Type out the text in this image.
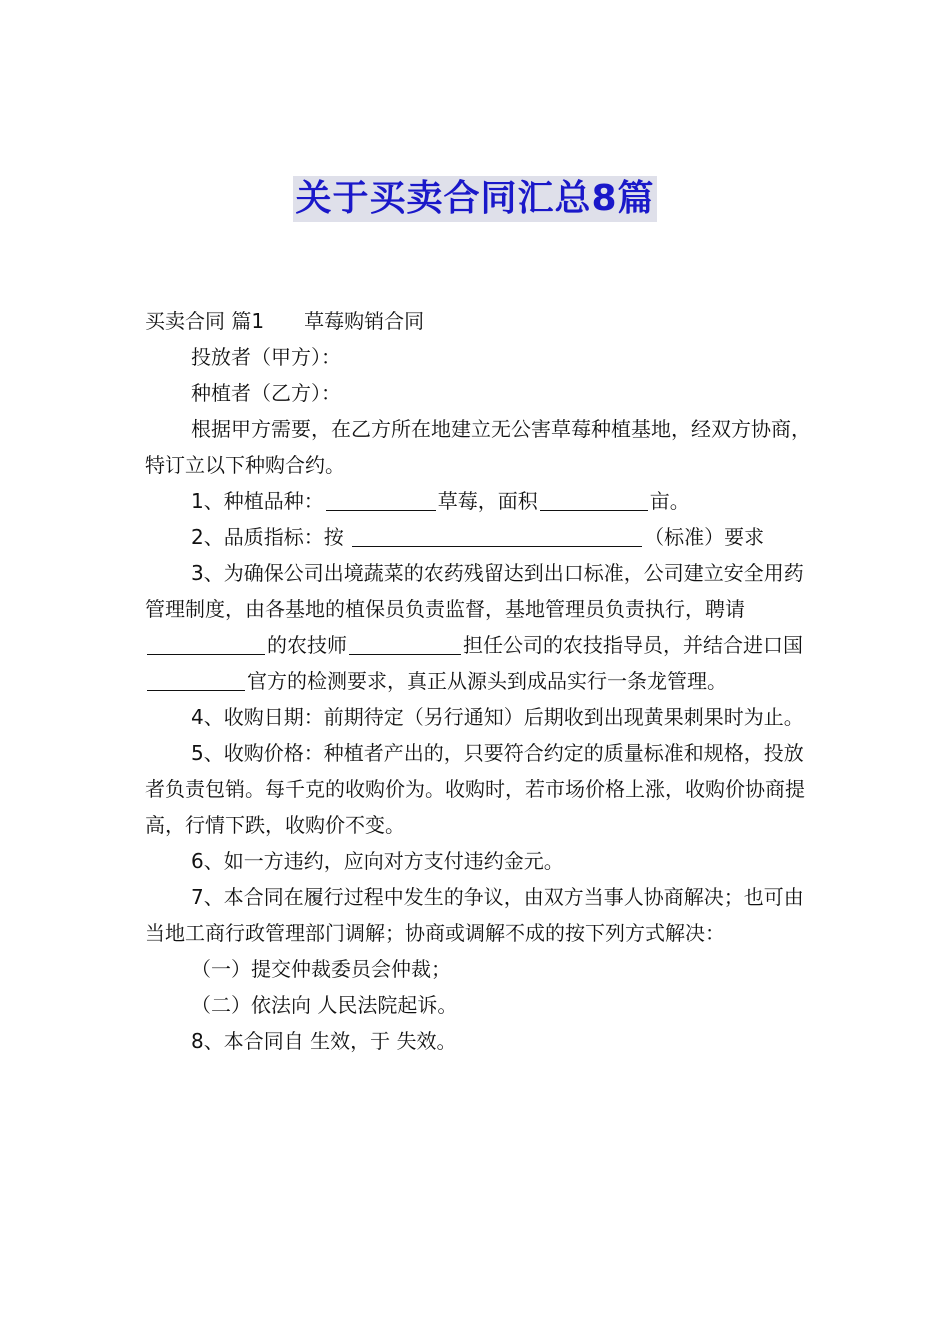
关于买卖合同汇总8篇

买卖合同 篇1 草莓购销合同

投放者（甲方）：

种植者（乙方）：

根据甲方需要，在乙方所在地建立无公害草莓种植基地，经双方协商，特订立以下种购合约。

1、种植品种：	草莓，面积	亩。

2、品质指标：按	（标准）要求

3、为确保公司出境蔬菜的农药残留达到出口标准，公司建立安全用药管理制度，由各基地的植保员负责监督，基地管理员负责执行，聘请的农技师	担任公司的农技指导员，并结合进口国官方的检测要求，真正从源头到成品实行一条龙管理。

4、收购日期：前期待定（另行通知）后期收到出现黄果刺果时为止。

5、收购价格：种植者产出的，只要符合约定的质量标准和规格，投放者负责包销。每千克的收购价为。收购时，若市场价格上涨，收购价协商提高，行情下跌，收购价不变。

6、如一方违约，应向对方支付违约金元。

7、本合同在履行过程中发生的争议，由双方当事人协商解决；也可由当地工商行政管理部门调解；协商或调解不成的按下列方式解决：

（一）提交仲裁委员会仲裁；

（二）依法向 人民法院起诉。

8、本合同自 生效，于 失效。
